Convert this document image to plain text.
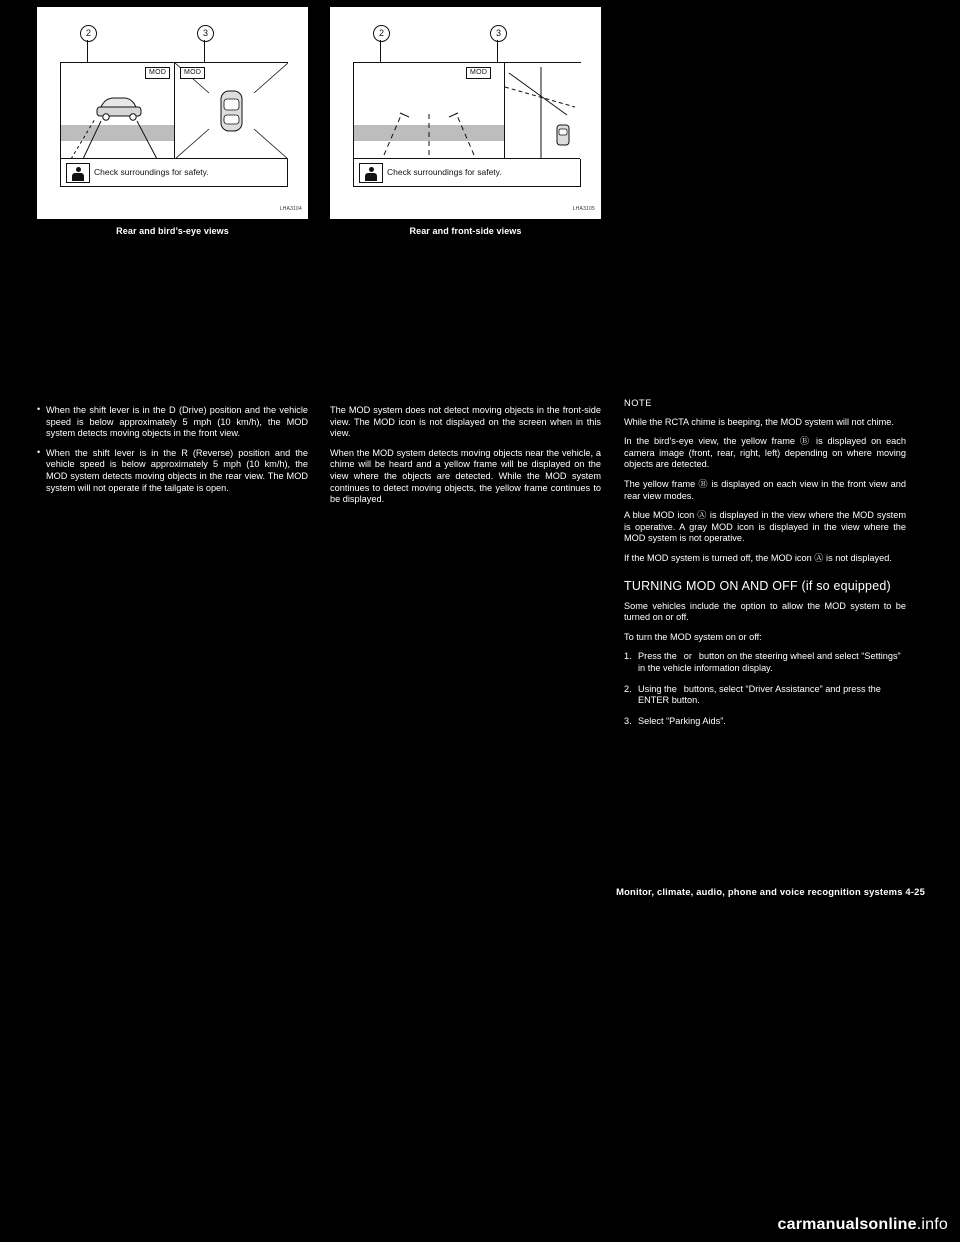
2	3
MOD	MOD
Check surroundings for safety.
LHA3104
Rear and bird’s-eye views
• When the shift lever is in the D (Drive) position and the vehicle speed is below approximately 5 mph (10 km/h), the MOD system detects moving objects in the front view.
• When the shift lever is in the R (Reverse) position and the vehicle speed is below approximately 5 mph (10 km/h), the MOD system detects moving objects in the rear view. The MOD system will not operate if the tailgate is open.
2	3
MOD
Check surroundings for safety.
LHA3105
Rear and front-side views

The MOD system does not detect moving objects in the front-side view. The MOD icon is not displayed on the screen when in this view.

When the MOD system detects moving objects near the vehicle, a chime will be heard and a yellow frame will be displayed on the view where the objects are detected. While the MOD system continues to detect moving objects, the yellow frame continues to be displayed.

NOTE

While the RCTA chime is beeping, the MOD system will not chime.

In the bird’s-eye view, the yellow frame Ⓑ is displayed on each camera image (front, rear, right, left) depending on where moving objects are detected.

The yellow frame Ⓑ is displayed on each view in the front view and rear view modes.

A blue MOD icon Ⓐ is displayed in the view where the MOD system is operative. A gray MOD icon is displayed in the view where the MOD system is not operative.

If the MOD system is turned off, the MOD icon Ⓐ is not displayed.

TURNING MOD ON AND OFF (if so equipped)

Some vehicles include the option to allow the MOD system to be turned on or off.

To turn the MOD system on or off:

Press the   or   button on the steering wheel and select “Settings” in the vehicle information display.
Using the   buttons, select “Driver Assistance” and press the ENTER button.
Select “Parking Aids”.
Monitor, climate, audio, phone and voice recognition systems 4-25
carmanualsonline.info
